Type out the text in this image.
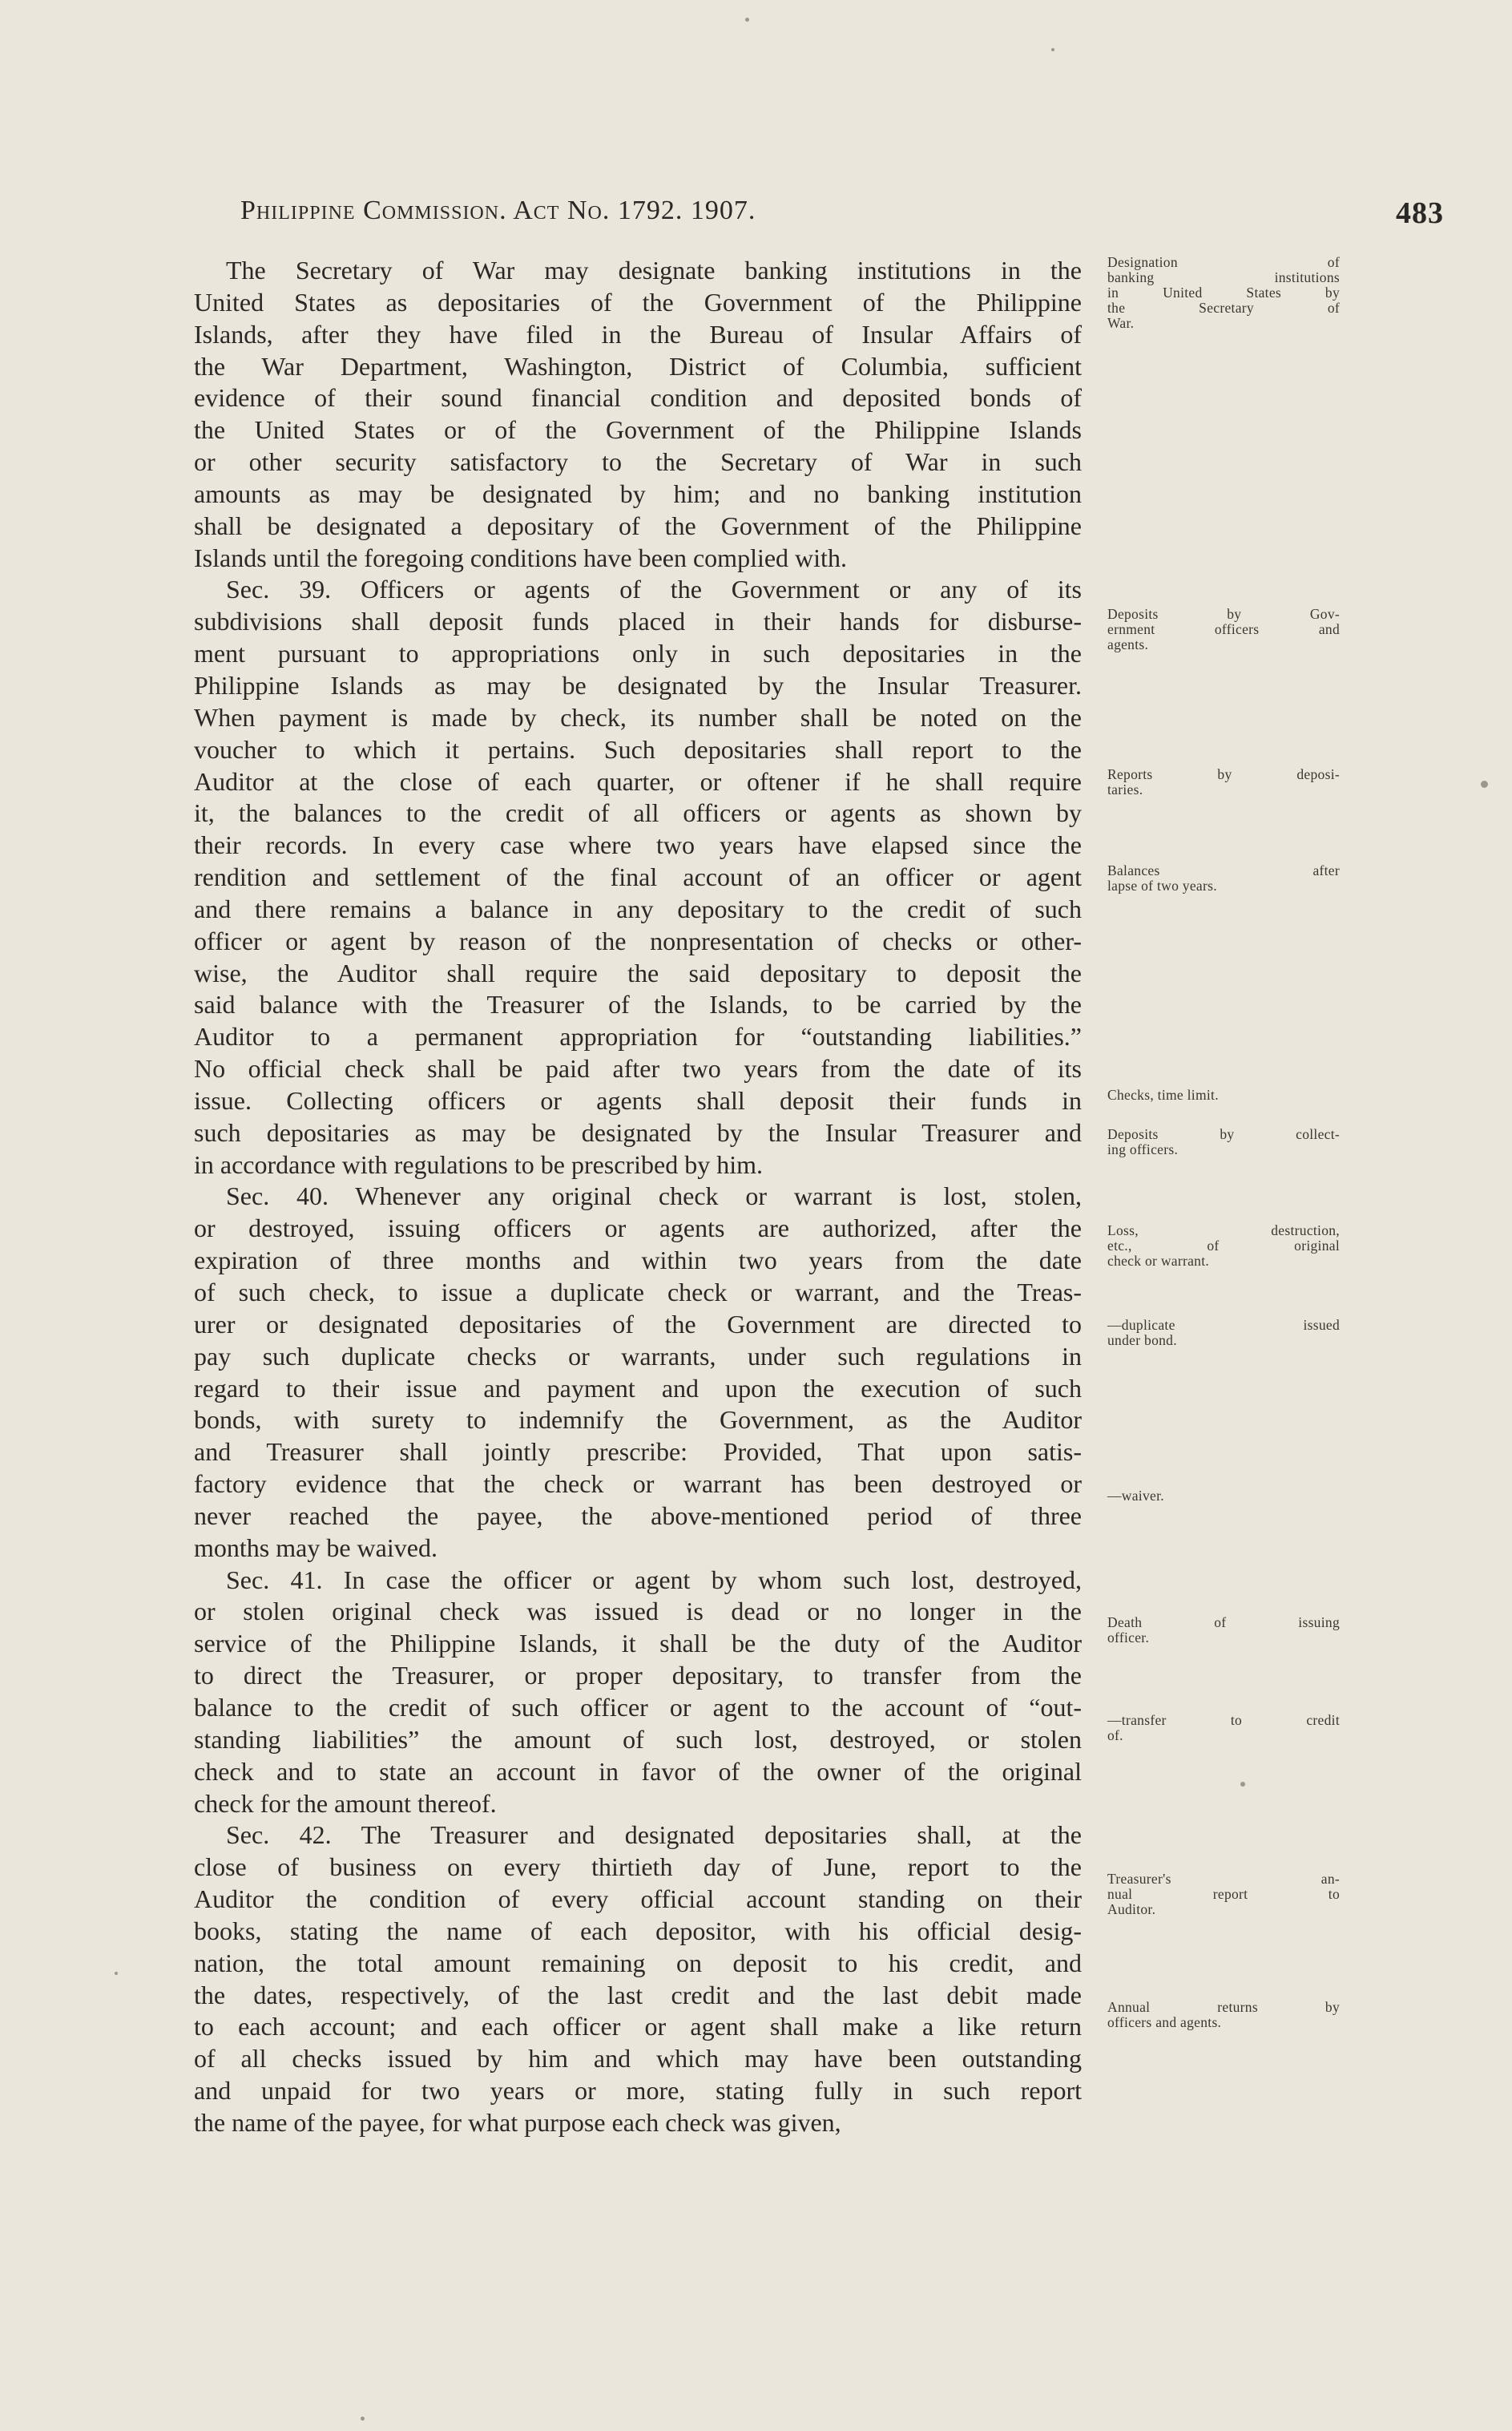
Philippine Commission. Act No. 1792. 1907.	483

The Secretary of War may designate banking institutions in the
United States as depositaries of the Government of the Philippine
Islands, after they have filed in the Bureau of Insular Affairs of
the War Department, Washington, District of Columbia, sufficient
evidence of their sound financial condition and deposited bonds of
the United States or of the Government of the Philippine Islands
or other security satisfactory to the Secretary of War in such
amounts as may be designated by him; and no banking institution
shall be designated a depositary of the Government of the Philippine
Islands until the foregoing conditions have been complied with.

Sec. 39. Officers or agents of the Government or any of its
subdivisions shall deposit funds placed in their hands for disburse-
ment pursuant to appropriations only in such depositaries in the
Philippine Islands as may be designated by the Insular Treasurer.
When payment is made by check, its number shall be noted on the
voucher to which it pertains. Such depositaries shall report to the
Auditor at the close of each quarter, or oftener if he shall require
it, the balances to the credit of all officers or agents as shown by
their records. In every case where two years have elapsed since the
rendition and settlement of the final account of an officer or agent
and there remains a balance in any depositary to the credit of such
officer or agent by reason of the nonpresentation of checks or other-
wise, the Auditor shall require the said depositary to deposit the
said balance with the Treasurer of the Islands, to be carried by the
Auditor to a permanent appropriation for “outstanding liabilities.”
No official check shall be paid after two years from the date of its
issue. Collecting officers or agents shall deposit their funds in
such depositaries as may be designated by the Insular Treasurer and
in accordance with regulations to be prescribed by him.

Sec. 40. Whenever any original check or warrant is lost, stolen,
or destroyed, issuing officers or agents are authorized, after the
expiration of three months and within two years from the date
of such check, to issue a duplicate check or warrant, and the Treas-
urer or designated depositaries of the Government are directed to
pay such duplicate checks or warrants, under such regulations in
regard to their issue and payment and upon the execution of such
bonds, with surety to indemnify the Government, as the Auditor
and Treasurer shall jointly prescribe: Provided, That upon satis-
factory evidence that the check or warrant has been destroyed or
never reached the payee, the above-mentioned period of three
months may be waived.

Sec. 41. In case the officer or agent by whom such lost, destroyed,
or stolen original check was issued is dead or no longer in the
service of the Philippine Islands, it shall be the duty of the Auditor
to direct the Treasurer, or proper depositary, to transfer from the
balance to the credit of such officer or agent to the account of “out-
standing liabilities” the amount of such lost, destroyed, or stolen
check and to state an account in favor of the owner of the original
check for the amount thereof.

Sec. 42. The Treasurer and designated depositaries shall, at the
close of business on every thirtieth day of June, report to the
Auditor the condition of every official account standing on their
books, stating the name of each depositor, with his official desig-
nation, the total amount remaining on deposit to his credit, and
the dates, respectively, of the last credit and the last debit made
to each account; and each officer or agent shall make a like return
of all checks issued by him and which may have been outstanding
and unpaid for two years or more, stating fully in such report
the name of the payee, for what purpose each check was given,

Designation of
banking institutions
in United States by
the Secretary of
War.
Deposits by Gov-
ernment officers and
agents.
Reports by deposi-
taries.
Balances after
lapse of two years.
Checks, time limit.
Deposits by collect-
ing officers.
Loss, destruction,
etc., of original
check or warrant.
—duplicate issued
under bond.
—waiver.
Death of issuing
officer.
—transfer to credit
of.
Treasurer's an-
nual report to
Auditor.
Annual returns by
officers and agents.
